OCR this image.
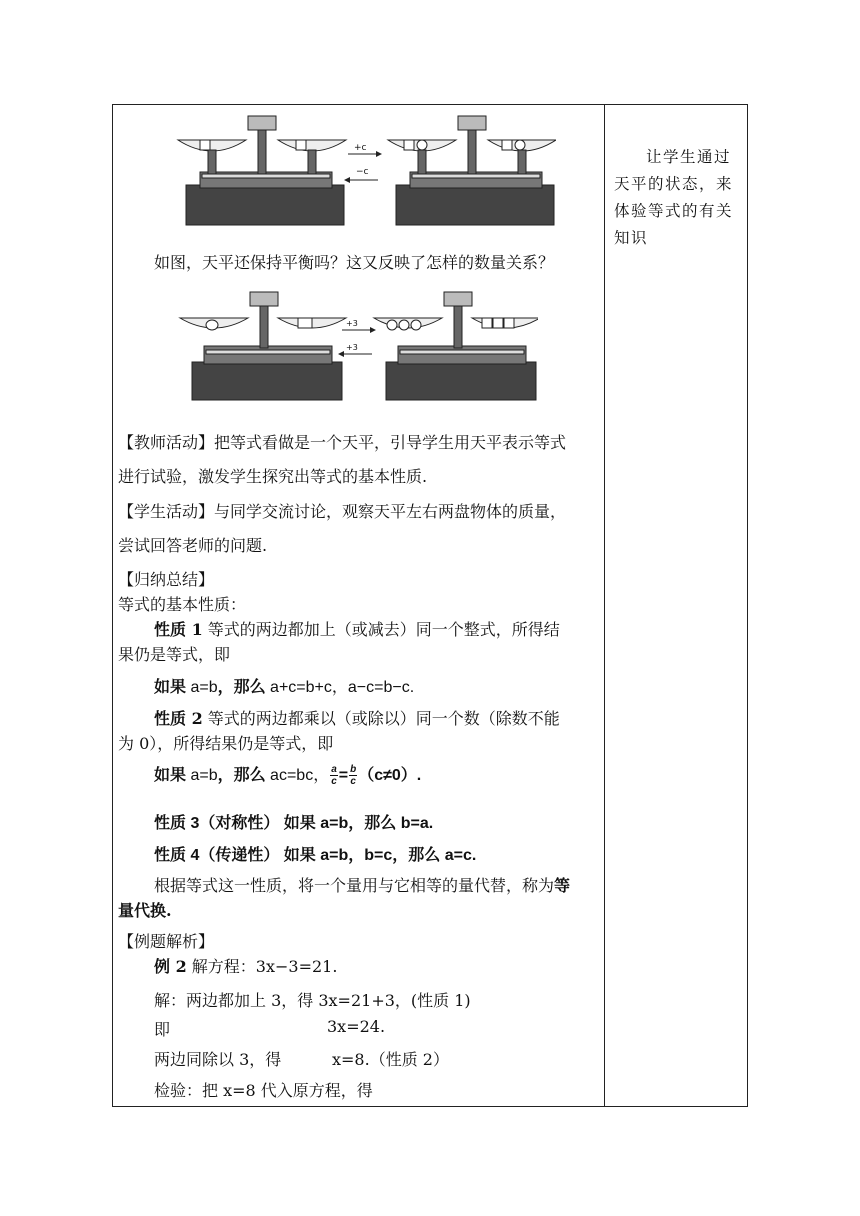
让学生通过天平的状态，来体验等式的有关知识

+c
−c
如图，天平还保持平衡吗？这又反映了怎样的数量关系？
+3
+3
【教师活动】把等式看做是一个天平，引导学生用天平表示等式
进行试验，激发学生探究出等式的基本性质.
【学生活动】与同学交流讨论，观察天平左右两盘物体的质量，
尝试回答老师的问题.
【归纳总结】
等式的基本性质：
性质 1 等式的两边都加上（或减去）同一个整式，所得结
果仍是等式，即
如果 a=b，那么 a+c=b+c，a−c=b−c.
性质 2 等式的两边都乘以（或除以）同一个数（除数不能
为 0），所得结果仍是等式，即
如果 a=b，那么 ac=bc， $\frac{a}{c} = \frac{b}{c} (c\ne 0)$.
性质 3（对称性） 如果 a=b，那么 b=a.
性质 4（传递性） 如果 a=b，b=c，那么 a=c.
根据等式这一性质，将一个量用与它相等的量代替，称为等
量代换.
【例题解析】
例 2 解方程：3x−3=21.
解：两边都加上 3，得 3x=21+3，(性质 1)
即	3x=24.
两边同除以 3，得	x=8.（性质 2）
检验：把 x=8 代入原方程，得
